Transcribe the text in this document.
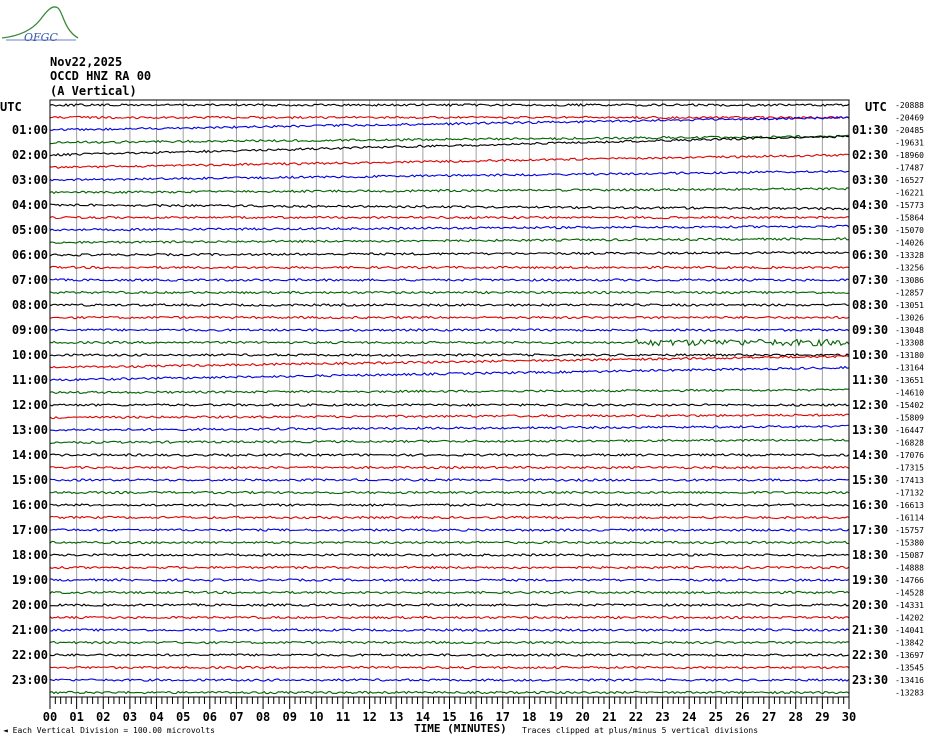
OFGC
Nov22,2025
OCCD HNZ RA 00
(A Vertical)
00 01 02 03 04 05 06 07 08 09 10 11 12 13 14 15 16 17 18 19 20 21 22 23 24 25 26 27 28 29 30
01:00
02:00
03:00
04:00
05:00
06:00
07:00
08:00
09:00
10:00
11:00
12:00
13:00
14:00
15:00
16:00
17:00
18:00
19:00
20:00
21:00
22:00
23:00
01:30
02:30
03:30
04:30
05:30
06:30
07:30
08:30
09:30
10:30
11:30
12:30
13:30
14:30
15:30
16:30
17:30
18:30
19:30
20:30
21:30
22:30
23:30
-20888
-20469
-20485
-19631
-18960
-17487
-16527
-16221
-15773
-15864
-15070
-14026
-13328
-13256
-13086
-12857
-13051
-13026
-13048
-13308
-13180
-13164
-13651
-14610
-15402
-15809
-16447
-16828
-17076
-17315
-17413
-17132
-16613
-16114
-15757
-15380
-15087
-14888
-14766
-14528
-14331
-14202
-14041
-13842
-13697
-13545
-13416
-13283
UTC	UTC
TIME (MINUTES)
◄ Each Vertical Division = 100.00 microvolts	Traces clipped at plus/minus 5 vertical divisions
